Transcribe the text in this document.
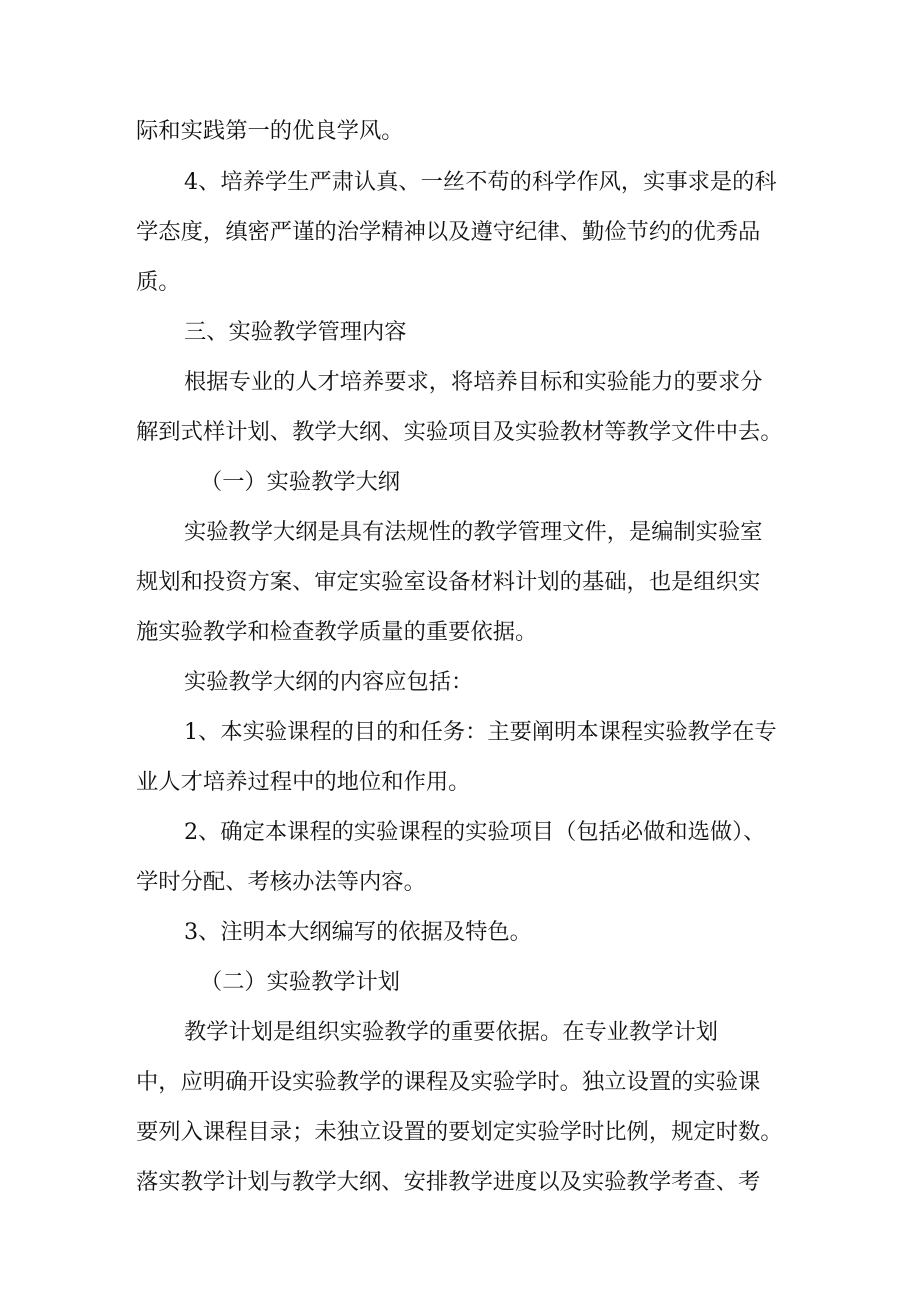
际和实践第一的优良学风。
4、培养学生严肃认真、一丝不苟的科学作风，实事求是的科
学态度，缜密严谨的治学精神以及遵守纪律、勤俭节约的优秀品
质。
三、实验教学管理内容
根据专业的人才培养要求，将培养目标和实验能力的要求分
解到式样计划、教学大纲、实验项目及实验教材等教学文件中去。
（一）实验教学大纲
实验教学大纲是具有法规性的教学管理文件，是编制实验室
规划和投资方案、审定实验室设备材料计划的基础，也是组织实
施实验教学和检查教学质量的重要依据。
实验教学大纲的内容应包括：
1、本实验课程的目的和任务：主要阐明本课程实验教学在专
业人才培养过程中的地位和作用。
2、确定本课程的实验课程的实验项目（包括必做和选做）、
学时分配、考核办法等内容。
3、注明本大纲编写的依据及特色。
（二）实验教学计划
教学计划是组织实验教学的重要依据。在专业教学计划
中，应明确开设实验教学的课程及实验学时。独立设置的实验课
要列入课程目录；未独立设置的要划定实验学时比例，规定时数。
落实教学计划与教学大纲、安排教学进度以及实验教学考查、考
